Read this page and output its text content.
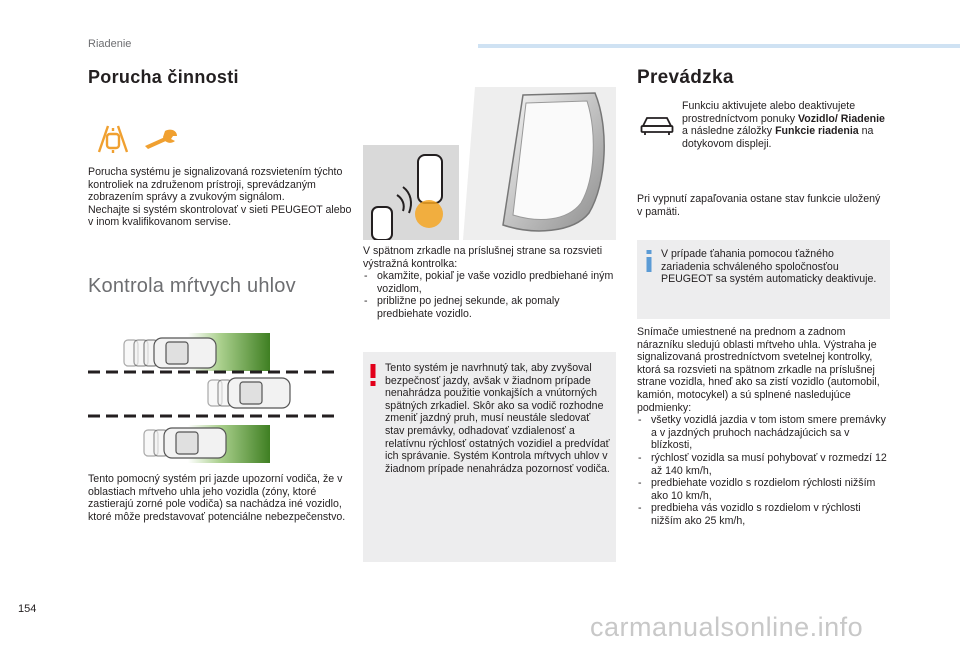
Riadenie
Porucha činnosti

Porucha systému je signalizovaná rozsvietením týchto kontroliek na združenom prístroji, sprevádzaným zobrazením správy a zvukovým signálom.

Nechajte si systém skontrolovať v sieti PEUGEOT alebo v inom kvalifikovanom servise.

Kontrola mŕtvych uhlov
Tento pomocný systém pri jazde upozorní vodiča, že v oblastiach mŕtveho uhla jeho vozidla (zóny, ktoré zastierajú zorné pole vodiča) sa nachádza iné vozidlo, ktoré môže predstavovať potenciálne nebezpečenstvo.

V spätnom zrkadle na príslušnej strane sa rozsvieti výstražná kontrolka:

- okamžite, pokiaľ je vaše vozidlo predbiehané iným vozidlom,
- približne po jednej sekunde, ak pomaly predbiehate vozidlo.
Tento systém je navrhnutý tak, aby zvyšoval bezpečnosť jazdy, avšak v žiadnom prípade nenahrádza použitie vonkajších a vnútorných spätných zrkadiel. Skôr ako sa vodič rozhodne zmeniť jazdný pruh, musí neustále sledovať stav premávky, odhadovať vzdialenosť a relatívnu rýchlosť ostatných vozidiel a predvídať ich správanie. Systém Kontrola mŕtvych uhlov v žiadnom prípade nenahrádza pozornosť vodiča.
Prevádzka
Funkciu aktivujete alebo deaktivujete prostredníctvom ponuky Vozidlo/ Riadenie a následne záložky Funkcie riadenia na dotykovom displeji.
Pri vypnutí zapaľovania ostane stav funkcie uložený v pamäti.
V prípade ťahania pomocou ťažného zariadenia schváleného spoločnosťou PEUGEOT sa systém automaticky deaktivuje.

Snímače umiestnené na prednom a zadnom nárazníku sledujú oblasti mŕtveho uhla. Výstraha je signalizovaná prostredníctvom svetelnej kontrolky, ktorá sa rozsvieti na spätnom zrkadle na príslušnej strane vozidla, hneď ako sa zistí vozidlo (automobil, kamión, motocykel) a sú splnené nasledujúce podmienky:

- všetky vozidlá jazdia v tom istom smere premávky a v jazdných pruhoch nachádzajúcich sa v blízkosti,
- rýchlosť vozidla sa musí pohybovať v rozmedzí 12 až 140 km/h,
- predbiehate vozidlo s rozdielom rýchlosti nižším ako 10 km/h,
- predbieha vás vozidlo s rozdielom v rýchlosti nižším ako 25 km/h,
154
carmanualsonline.info
